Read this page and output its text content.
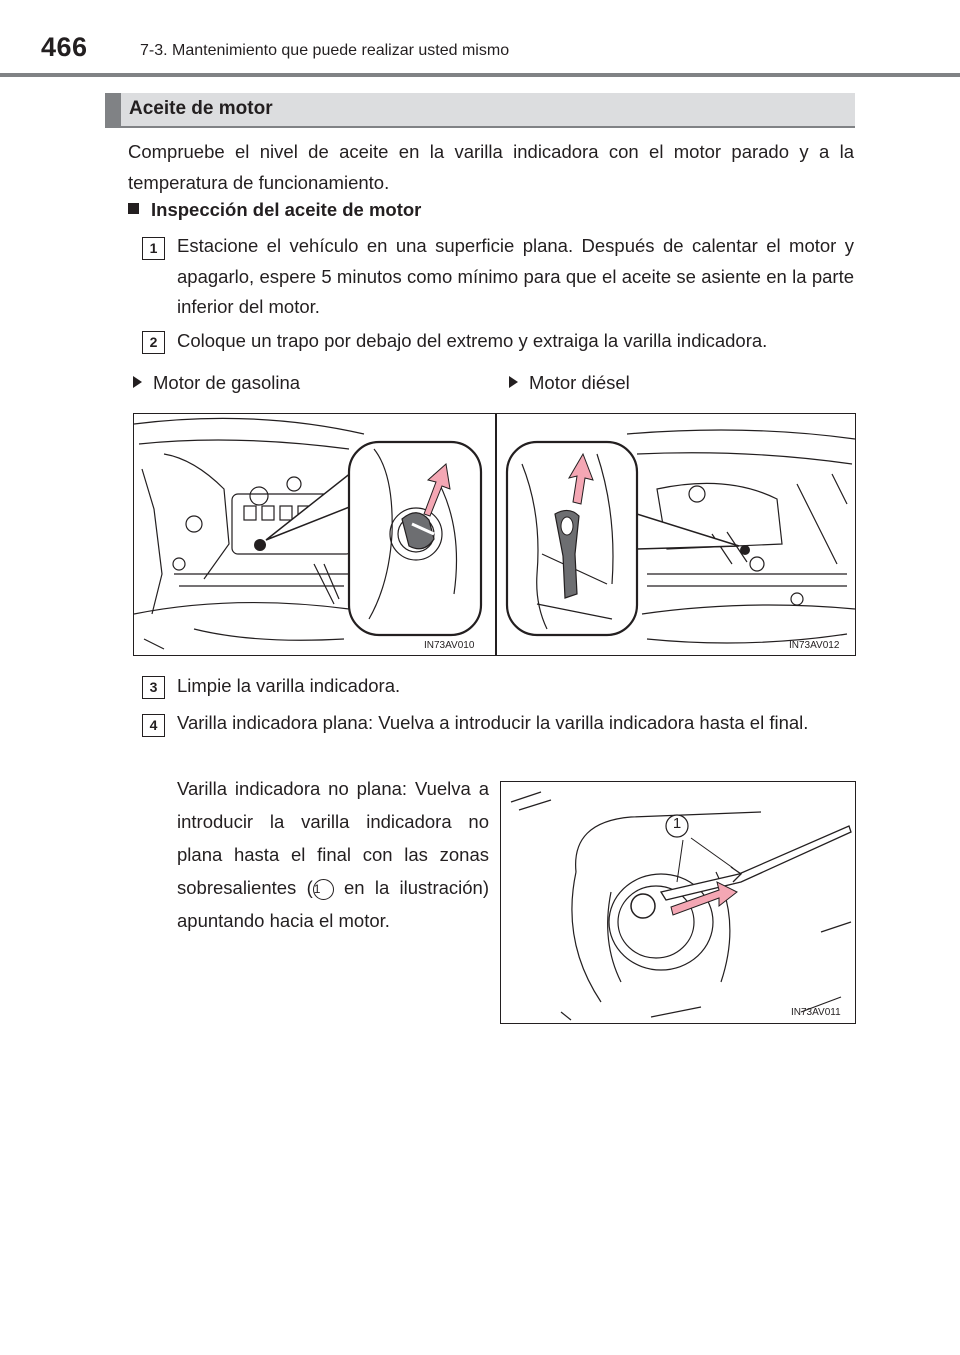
466	7-3. Mantenimiento que puede realizar usted mismo
Aceite de motor
Compruebe el nivel de aceite en la varilla indicadora con el motor parado y a la temperatura de funcionamiento.
Inspección del aceite de motor
1	Estacione el vehículo en una superficie plana. Después de calentar el motor y apagarlo, espere 5 minutos como mínimo para que el aceite se asiente en la parte inferior del motor.
2	Coloque un trapo por debajo del extremo y extraiga la varilla indicadora.
Motor de gasolina	Motor diésel
IN73AV010	IN73AV012
3	Limpie la varilla indicadora.
4	Varilla indicadora plana: Vuelva a introducir la varilla indicadora hasta el final.
Varilla indicadora no plana: Vuelva a introducir la varilla indicadora no plana hasta el final con las zonas sobresalientes (1 en la ilustración) apuntando hacia el motor.
1
IN73AV011
